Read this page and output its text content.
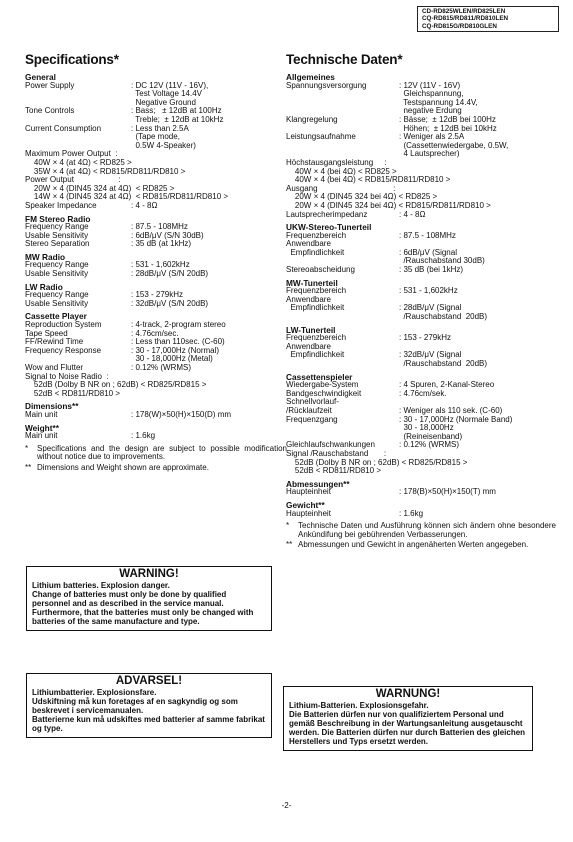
CD-RD825WLEN/RD825LEN
CQ-RD815/RD811/RD810LEN
CQ-RD815G/RD810GLEN
Specifications*
General
Power Supply	: DC 12V (11V - 16V),
Test Voltage 14.4V
Negative Ground
Tone Controls	: Bass;   ± 12dB at 100Hz
Treble;  ± 12dB at 10kHz
Current Consumption	: Less than 2.5A
(Tape mode,
0.5W 4-Speaker)
Maximum Power Output  :
40W × 4 (at 4Ω) < RD825 >
35W × 4 (at 4Ω) < RD815/RD811/RD810 >
Power Output                    :
20W × 4 (DIN45 324 at 4Ω)  < RD825 >
14W × 4 (DIN45 324 at 4Ω)  < RD815/RD811/RD810 >
Speaker Impedance	: 4 - 8Ω
FM Stereo Radio
Frequency Range	: 87.5 - 108MHz
Usable Sensitivity	: 6dB/μV (S/N 30dB)
Stereo Separation	: 35 dB (at 1kHz)
MW Radio
Frequency Range	: 531 - 1,602kHz
Usable Sensitivity	: 28dB/μV (S/N 20dB)
LW Radio
Frequency Range	: 153 - 279kHz
Usable Sensitivity	: 32dB/μV (S/N 20dB)
Cassette Player
Reproduction System	: 4-track, 2-program stereo
Tape Speed	: 4.76cm/sec.
FF/Rewind Time	: Less than 110sec. (C-60)
Frequency Response	: 30 - 17,000Hz (Normal)
30 - 18,000Hz (Metal)
Wow and Flutter	: 0.12% (WRMS)
Signal to Noise Radio  :
52dB (Dolby B NR on ; 62dB) < RD825/RD815 >
52dB < RD811/RD810 >
Dimensions**
Main unit	: 178(W)×50(H)×150(D) mm
Weight**
Main unit	: 1.6kg
*	Specifications and the design are subject to possible modification without notice due to improvements.
** Dimensions and Weight shown are approximate.
Technische Daten*
Allgemeines
Spannungsversorgung	: 12V (11V - 16V)
Gleichspannung,
Testspannung 14.4V,
negative Erdung
Klangregelung	: Bässe;  ± 12dB bei 100Hz
Höhen;  ± 12dB bei 10kHz
Leistungsaufnahme	: Weniger als 2.5A
(Cassettenwiedergabe, 0.5W,
4 Lautsprecher)
Höchstausgangsleistung     :
40W × 4 (bei 4Ω) < RD825 >
40W × 4 (bei 4Ω) < RD815/RD811/RD810 >
Ausgang                                  :
20W × 4 (DIN45 324 bei 4Ω) < RD825 >
20W × 4 (DIN45 324 bei 4Ω) < RD815/RD811/RD810 >
Lautsprecherimpedanz	: 4 - 8Ω
UKW-Stereo-Tunerteil
Frequenzbereich	: 87.5 - 108MHz
Anwendbare
Empfindlichkeit	
: 6dB/μV (Signal
/Rauschabstand 30dB)
Stereoabscheidung	: 35 dB (bei 1kHz)
MW-Tunerteil
Frequenzbereich	: 531 - 1,602kHz
Anwendbare
Empfindlichkeit	
: 28dB/μV (Signal
/Rauschabstand  20dB)
LW-Tunerteil
Frequenzbereich	: 153 - 279kHz
Anwendbare
Empfindlichkeit	
: 32dB/μV (Signal
/Rauschabstand  20dB)
Cassettenspieler
Wiedergabe-System	: 4 Spuren, 2-Kanal-Stereo
Bandgeschwindigkeit	: 4.76cm/sek.
Schnellvorlauf-
/Rücklaufzeit	
: Weniger als 110 sek. (C-60)
Frequenzgang	: 30 - 17,000Hz (Normale Band)
30 - 18,000Hz
(Reineisenband)
Gleichlaufschwankungen	: 0.12% (WRMS)
Signal /Rauschabstand       :
52dB (Dolby B NR on ; 62dB) < RD825/RD815 >
52dB < RD811/RD810 >
Abmessungen**
Haupteinheit	: 178(B)×50(H)×150(T) mm
Gewicht**
Haupteinheit	: 1.6kg
*	Technische Daten und Ausführung können sich ändern ohne besondere Ankündifung bei gebührenden Verbasserungen.
** Abmessungen und Gewicht in angenäherten Werten angegeben.
WARNING!
Lithium batteries. Explosion danger.
Change of batteries must only be done by qualified personnel and as described in the service manual.
Furthermore, that the batteries must only be changed with batteries of the same manufacture and type.
ADVARSEL!
Lithiumbatterier. Explosionsfare.
Udskiftning må kun foretages af en sagkyndig og som beskrevet i servicemanualen.
Batterierne kun må udskiftes med batterier af samme fabrikat og type.
WARNUNG!
Lithium-Batterien. Explosionsgefahr.
Die Batterien dürfen nur von qualifiziertem Personal und gemäß Beschreibung in der Wartungsanleitung ausgetauscht werden. Die Batterien dürfen nur durch Batterien des gleichen Herstellers und Typs ersetzt werden.
-2-
